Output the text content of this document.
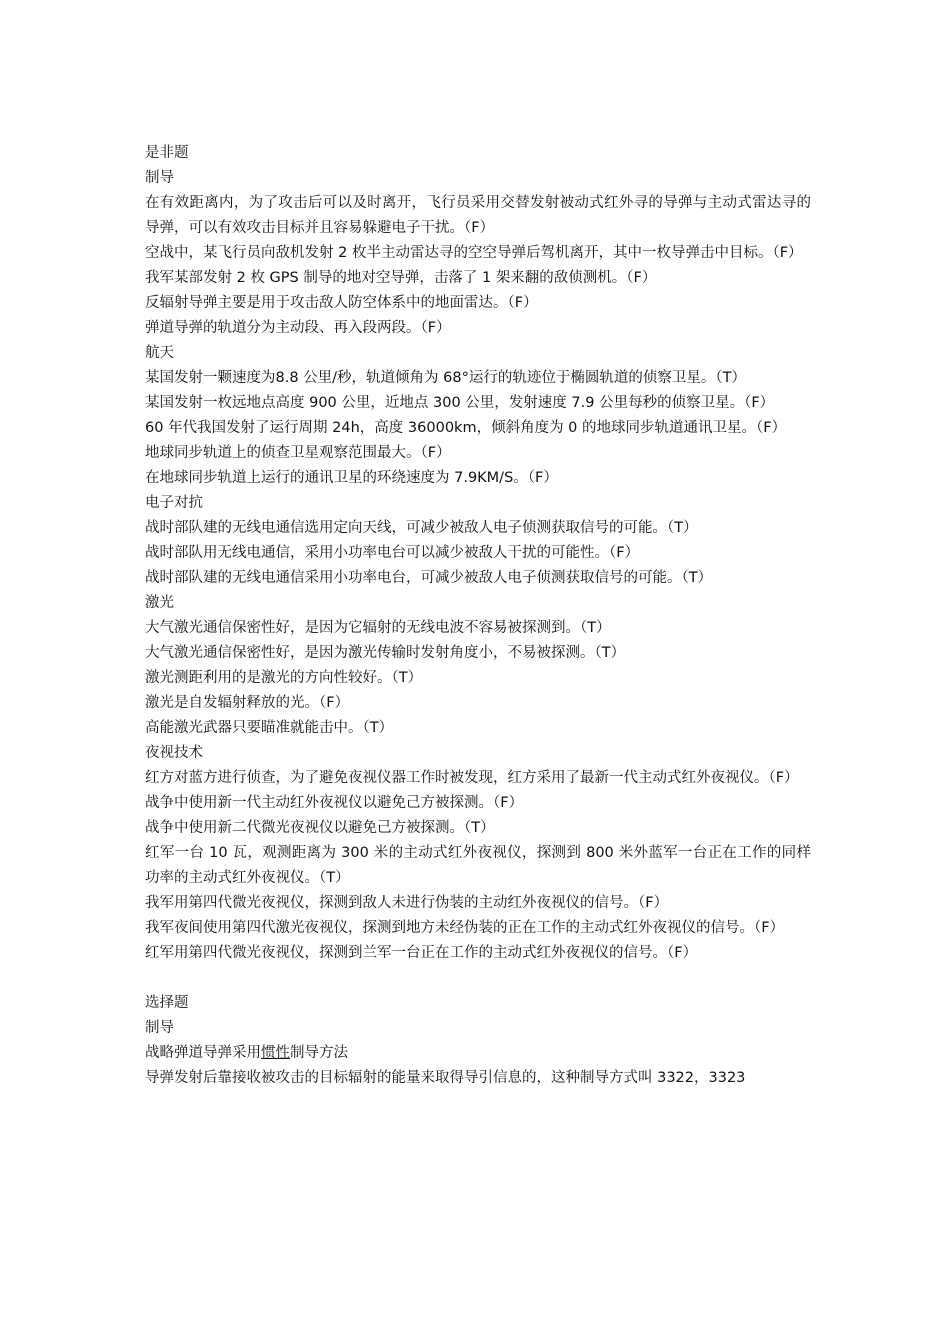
是非题
制导
在有效距离内，为了攻击后可以及时离开，飞行员采用交替发射被动式红外寻的导弹与主动式雷达寻的导弹，可以有效攻击目标并且容易躲避电子干扰。（F）
空战中，某飞行员向敌机发射 2 枚半主动雷达寻的空空导弹后驾机离开，其中一枚导弹击中目标。（F）
我军某部发射 2 枚 GPS 制导的地对空导弹，击落了 1 架来翻的敌侦测机。（F）
反辐射导弹主要是用于攻击敌人防空体系中的地面雷达。（F）
弹道导弹的轨道分为主动段、再入段两段。（F）
航天
某国发射一颗速度为8.8 公里/秒，轨道倾角为 68°运行的轨迹位于椭圆轨道的侦察卫星。（T）
某国发射一枚远地点高度 900 公里，近地点 300 公里，发射速度 7.9 公里每秒的侦察卫星。（F）
60 年代我国发射了运行周期 24h，高度 36000km，倾斜角度为 0 的地球同步轨道通讯卫星。（F）
地球同步轨道上的侦查卫星观察范围最大。（F）
在地球同步轨道上运行的通讯卫星的环绕速度为 7.9KM/S。（F）
电子对抗
战时部队建的无线电通信选用定向天线，可减少被敌人电子侦测获取信号的可能。（T）
战时部队用无线电通信，采用小功率电台可以减少被敌人干扰的可能性。（F）
战时部队建的无线电通信采用小功率电台，可减少被敌人电子侦测获取信号的可能。（T）
激光
大气激光通信保密性好，是因为它辐射的无线电波不容易被探测到。（T）
大气激光通信保密性好，是因为激光传输时发射角度小，不易被探测。（T）
激光测距利用的是激光的方向性较好。（T）
激光是自发辐射释放的光。（F）
高能激光武器只要瞄准就能击中。（T）
夜视技术
红方对蓝方进行侦查，为了避免夜视仪器工作时被发现，红方采用了最新一代主动式红外夜视仪。（F）
战争中使用新一代主动红外夜视仪以避免己方被探测。（F）
战争中使用新二代微光夜视仪以避免己方被探测。（T）
红军一台 10 瓦，观测距离为 300 米的主动式红外夜视仪，探测到 800 米外蓝军一台正在工作的同样功率的主动式红外夜视仪。（T）
我军用第四代微光夜视仪，探测到敌人未进行伪装的主动红外夜视仪的信号。（F）
我军夜间使用第四代激光夜视仪，探测到地方未经伪装的正在工作的主动式红外夜视仪的信号。（F）
红军用第四代微光夜视仪，探测到兰军一台正在工作的主动式红外夜视仪的信号。（F）
选择题
制导
战略弹道导弹采用惯性制导方法
导弹发射后靠接收被攻击的目标辐射的能量来取得导引信息的，这种制导方式叫 3322，3323
